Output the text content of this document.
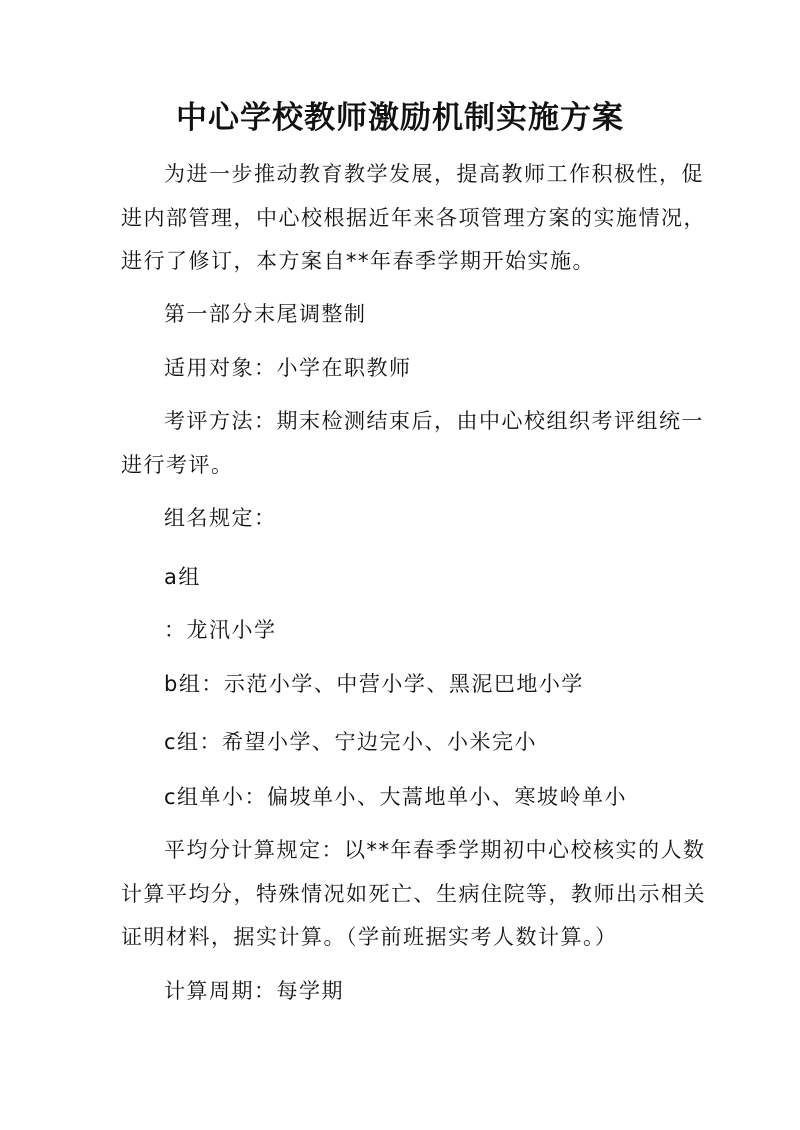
中心学校教师激励机制实施方案
为进一步推动教育教学发展，提高教师工作积极性，促
进内部管理，中心校根据近年来各项管理方案的实施情况，
进行了修订，本方案自**年春季学期开始实施。
第一部分末尾调整制
适用对象：小学在职教师
考评方法：期末检测结束后，由中心校组织考评组统一
进行考评。
组名规定：
a组
：龙汛小学
b组：示范小学、中营小学、黑泥巴地小学
c组：希望小学、宁边完小、小米完小
c组单小：偏坡单小、大蒿地单小、寒坡岭单小
平均分计算规定：以**年春季学期初中心校核实的人数
计算平均分，特殊情况如死亡、生病住院等，教师出示相关
证明材料，据实计算。（学前班据实考人数计算。）
计算周期：每学期
